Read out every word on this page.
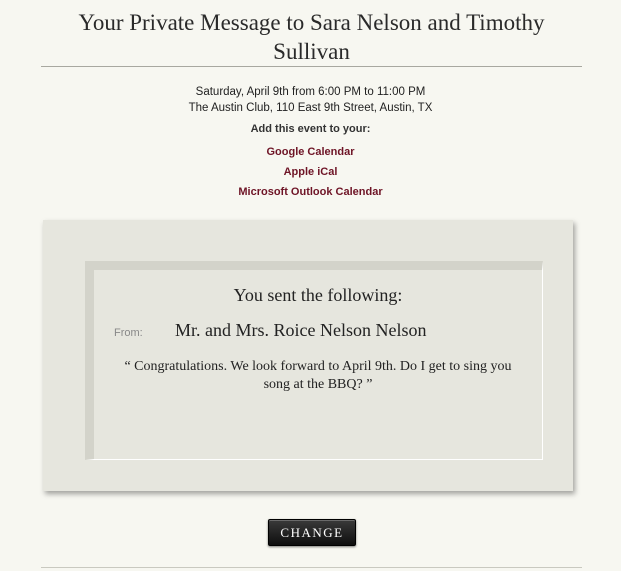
Your Private Message to Sara Nelson and Timothy Sullivan
Saturday, April 9th from 6:00 PM to 11:00 PM
The Austin Club, 110 East 9th Street, Austin, TX
Add this event to your:
Google Calendar
Apple iCal
Microsoft Outlook Calendar
You sent the following:
From: Mr. and Mrs. Roice Nelson Nelson
“ Congratulations. We look forward to April 9th. Do I get to sing you song at the BBQ? ”
CHANGE
